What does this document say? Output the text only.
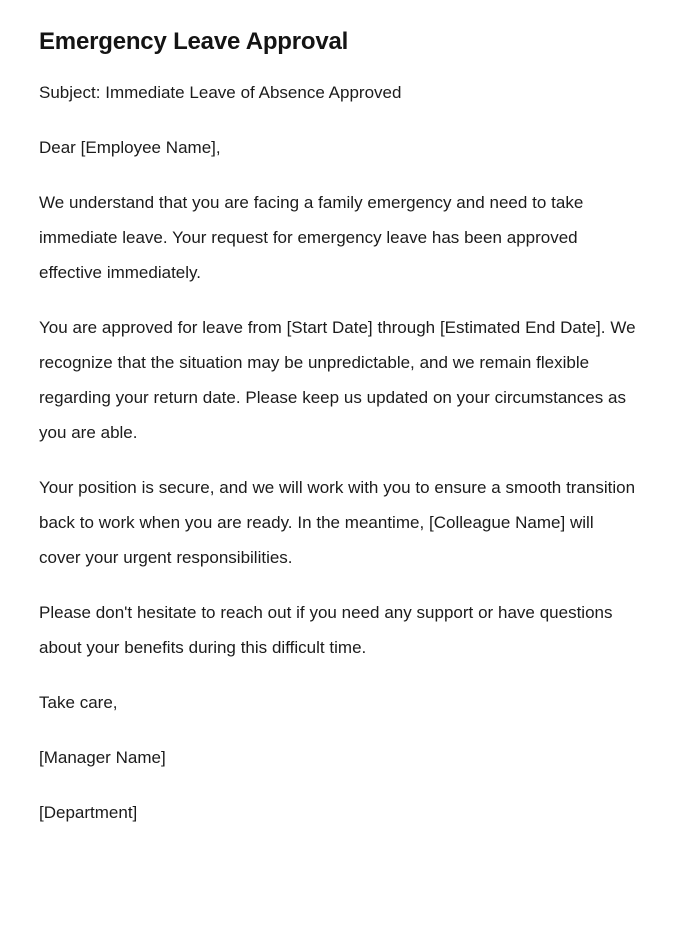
Emergency Leave Approval

Subject: Immediate Leave of Absence Approved

Dear [Employee Name],

We understand that you are facing a family emergency and need to take immediate leave. Your request for emergency leave has been approved effective immediately.

You are approved for leave from [Start Date] through [Estimated End Date]. We recognize that the situation may be unpredictable, and we remain flexible regarding your return date. Please keep us updated on your circumstances as you are able.

Your position is secure, and we will work with you to ensure a smooth transition back to work when you are ready. In the meantime, [Colleague Name] will cover your urgent responsibilities.

Please don't hesitate to reach out if you need any support or have questions about your benefits during this difficult time.

Take care,

[Manager Name]

[Department]
